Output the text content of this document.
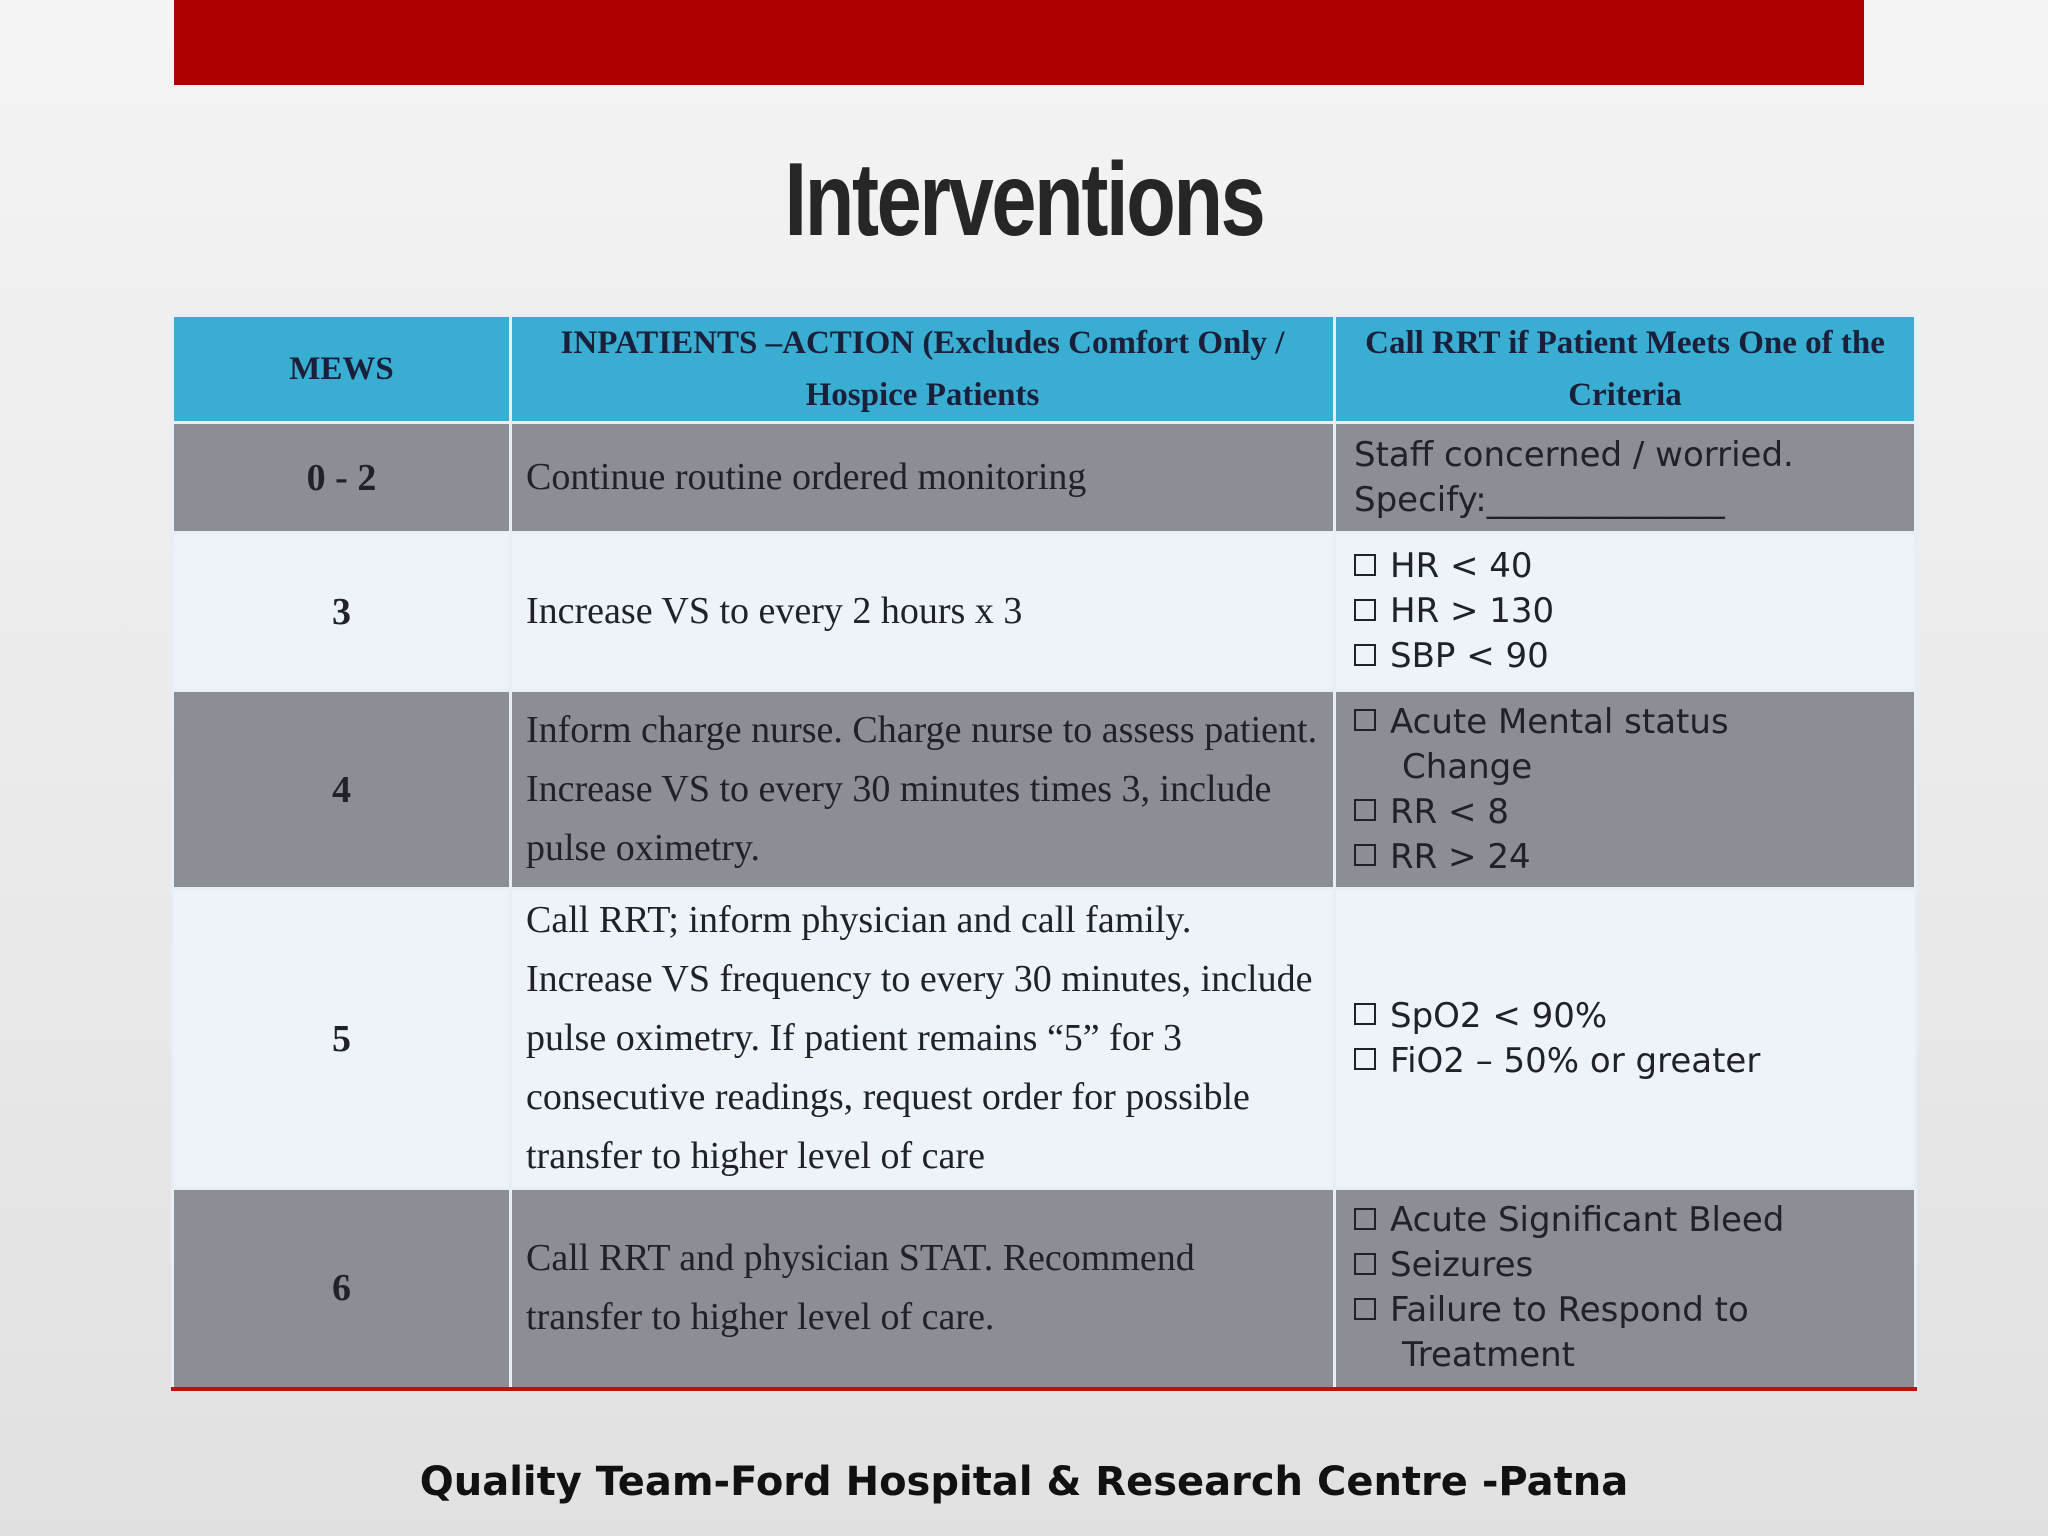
Interventions
MEWS	INPATIENTS –ACTION (Excludes Comfort Only / Hospice Patients	Call RRT if Patient Meets One of the Criteria
0 - 2	Continue routine ordered monitoring	Staff concerned / worried.
Specify:______________

3	Increase VS to every 2 hours x 3	HR < 40
HR > 130
SBP < 90

4	Inform charge nurse. Charge nurse to assess patient. Increase VS to every 30 minutes times 3, include pulse oximetry.	Acute Mental status
Change
RR < 8
RR > 24

5	Call RRT; inform physician and call family. Increase VS frequency to every 30 minutes, include pulse oximetry. If patient remains “5” for 3 consecutive readings, request order for possible transfer to higher level of care	SpO2 < 90%
FiO2 – 50% or greater

6	Call RRT and physician STAT. Recommend transfer to higher level of care.	Acute Significant Bleed
Seizures
Failure to Respond to
Treatment
Quality Team-Ford Hospital & Research Centre -Patna
